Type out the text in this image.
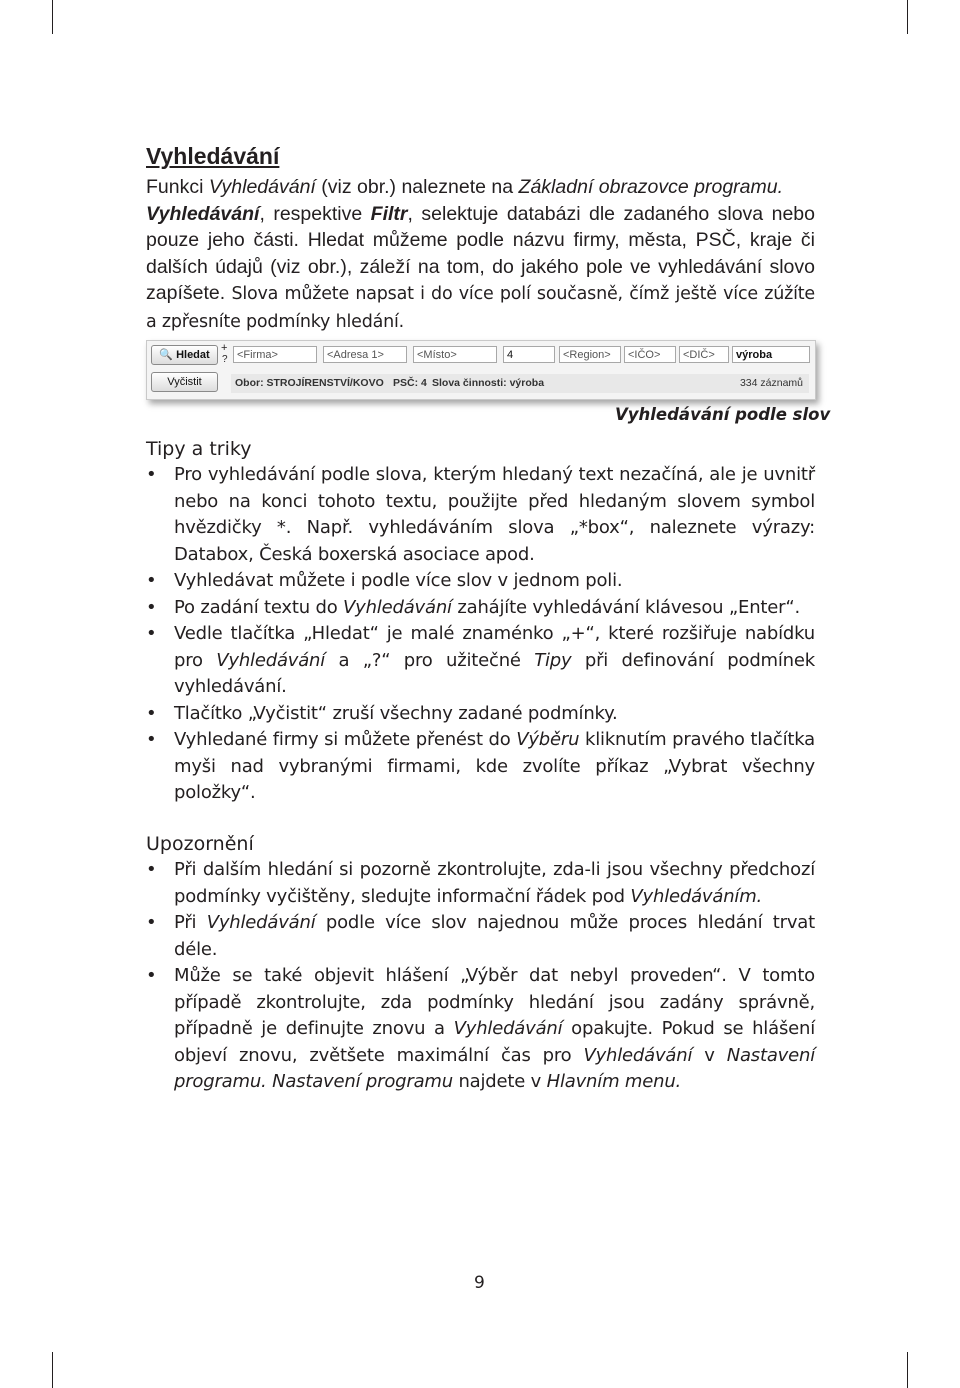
Vyhledávání

Funkci Vyhledávání (viz obr.) naleznete na Základní obrazovce programu.
Vyhledávání, respektive Filtr, selektuje databázi dle zadaného slova nebo pouze jeho části. Hledat můžeme podle názvu firmy, města, PSČ, kraje či dalších údajů (viz obr.), záleží na tom, do jakého pole ve vyhledávání slovo zapíšete. Slova můžete napsat i do více polí současně, čímž ještě více zúžíte a zpřesníte podmínky hledání.

🔍 Hledat
+
?
Vyčistit
<Firma>	<Adresa 1>	<Místo>	4	<Region>	<IČO>	<DIČ>	výroba
Obor: STROJÍRENSTVÍ/KOVO PSČ: 4 Slova činnosti: výroba	334 záznamů
Vyhledávání podle slov
Tipy a triky
• Pro vyhledávání podle slova, kterým hledaný text nezačíná, ale je uvnitř nebo na konci tohoto textu, použijte před hledaným slovem symbol hvězdičky *. Např. vyhledáváním slova „*box“, naleznete výrazy: Databox, Česká boxerská asociace apod.
• Vyhledávat můžete i podle více slov v jednom poli.
• Po zadání textu do Vyhledávání zahájíte vyhledávání klávesou „Enter“.
• Vedle tlačítka „Hledat“ je malé znaménko „+“, které rozšiřuje nabídku pro Vyhledávání a „?“ pro užitečné Tipy při definování podmínek vyhledávání.
• Tlačítko „Vyčistit“ zruší všechny zadané podmínky.
• Vyhledané firmy si můžete přenést do Výběru kliknutím pravého tlačítka myši nad vybranými firmami, kde zvolíte příkaz „Vybrat všechny položky“.
Upozornění
• Při dalším hledání si pozorně zkontrolujte, zda-li jsou všechny předchozí podmínky vyčištěny, sledujte informační řádek pod Vyhledáváním.
• Při Vyhledávání podle více slov najednou může proces hledání trvat déle.
• Může se také objevit hlášení „Výběr dat nebyl proveden“. V tomto případě zkontrolujte, zda podmínky hledání jsou zadány správně, případně je definujte znovu a Vyhledávání opakujte. Pokud se hlášení objeví znovu, zvětšete maximální čas pro Vyhledávání v Nastavení programu. Nastavení programu najdete v Hlavním menu.
9
